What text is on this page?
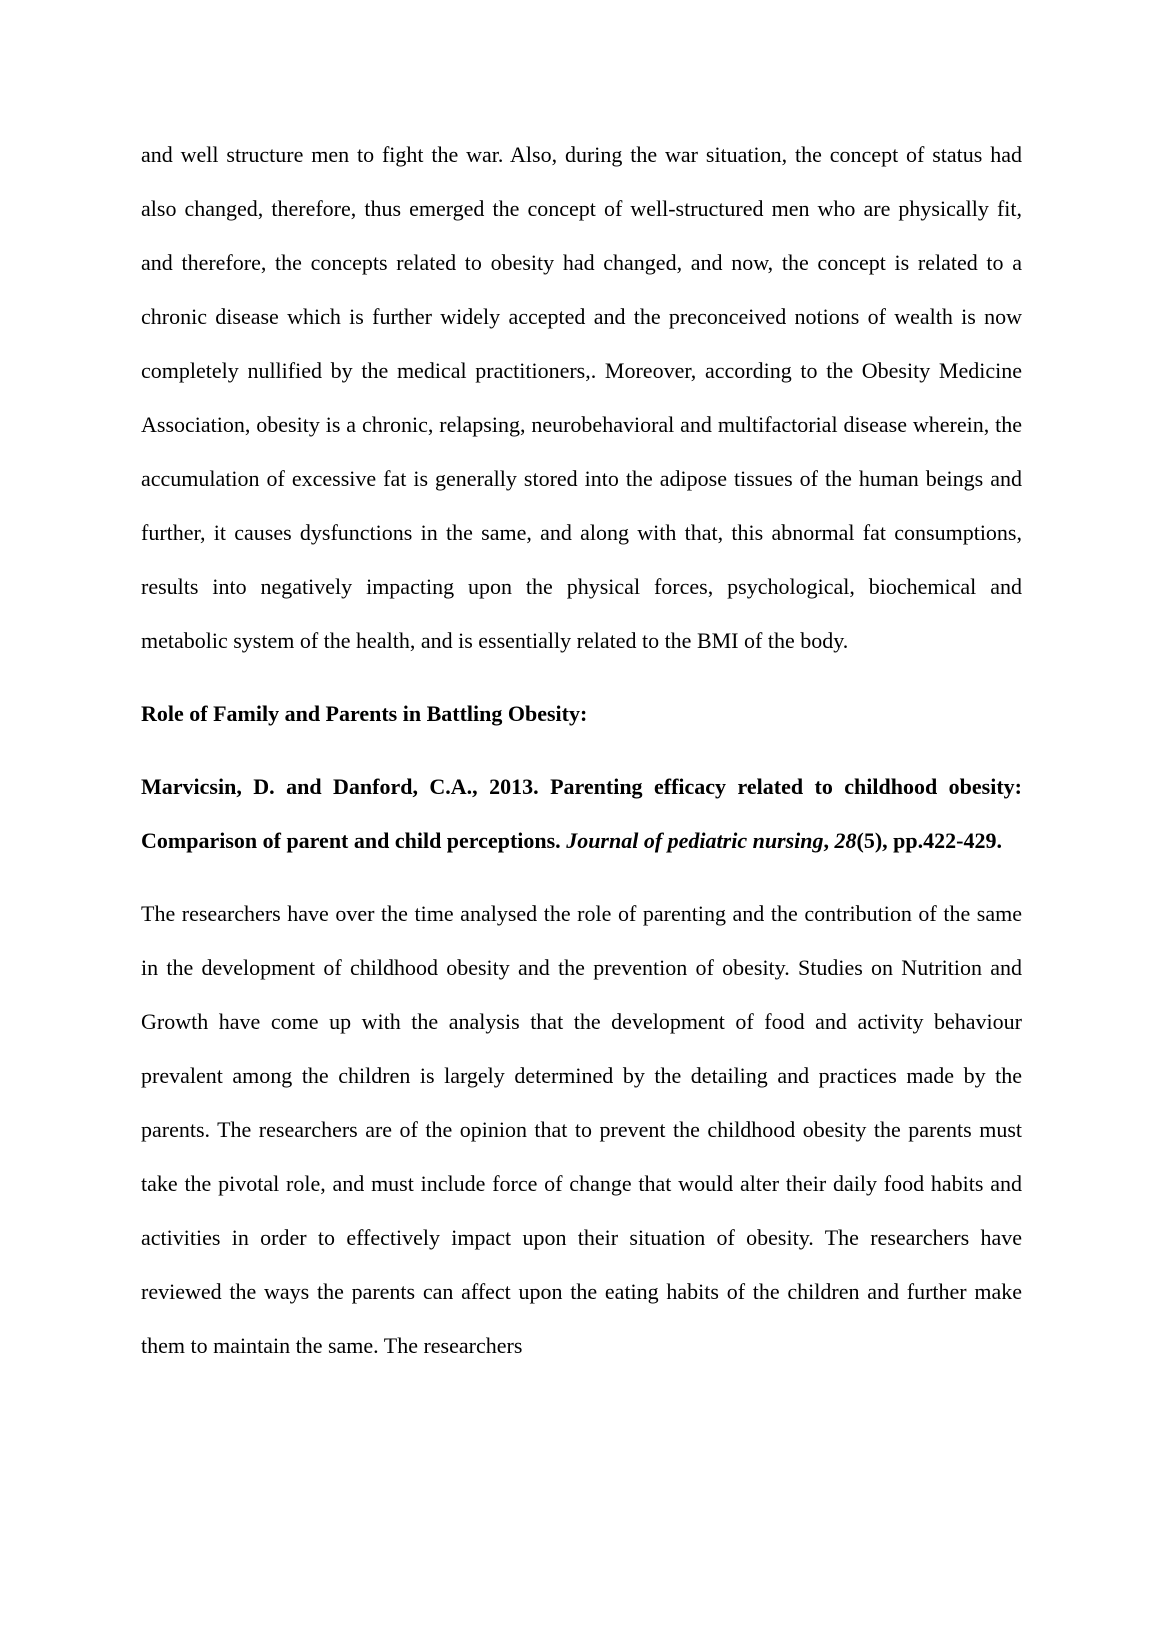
and well structure men to fight the war. Also, during the war situation, the concept of status had also changed, therefore, thus emerged the concept of well-structured men who are physically fit, and therefore, the concepts related to obesity had changed, and now, the concept is related to a chronic disease which is further widely accepted and the preconceived notions of wealth is now completely nullified by the medical practitioners,. Moreover, according to the Obesity Medicine Association, obesity is a chronic, relapsing, neurobehavioral and multifactorial disease wherein, the accumulation of excessive fat is generally stored into the adipose tissues of the human beings and further, it causes dysfunctions in the same, and along with that, this abnormal fat consumptions, results into negatively impacting upon the physical forces, psychological, biochemical and metabolic system of the health, and is essentially related to the BMI of the body.

Role of Family and Parents in Battling Obesity:

Marvicsin, D. and Danford, C.A., 2013. Parenting efficacy related to childhood obesity: Comparison of parent and child perceptions. Journal of pediatric nursing, 28(5), pp.422-429.

The researchers have over the time analysed the role of parenting and the contribution of the same in the development of childhood obesity and the prevention of obesity. Studies on Nutrition and Growth have come up with the analysis that the development of food and activity behaviour prevalent among the children is largely determined by the detailing and practices made by the parents. The researchers are of the opinion that to prevent the childhood obesity the parents must take the pivotal role, and must include force of change that would alter their daily food habits and activities in order to effectively impact upon their situation of obesity. The researchers have reviewed the ways the parents can affect upon the eating habits of the children and further make them to maintain the same. The researchers
